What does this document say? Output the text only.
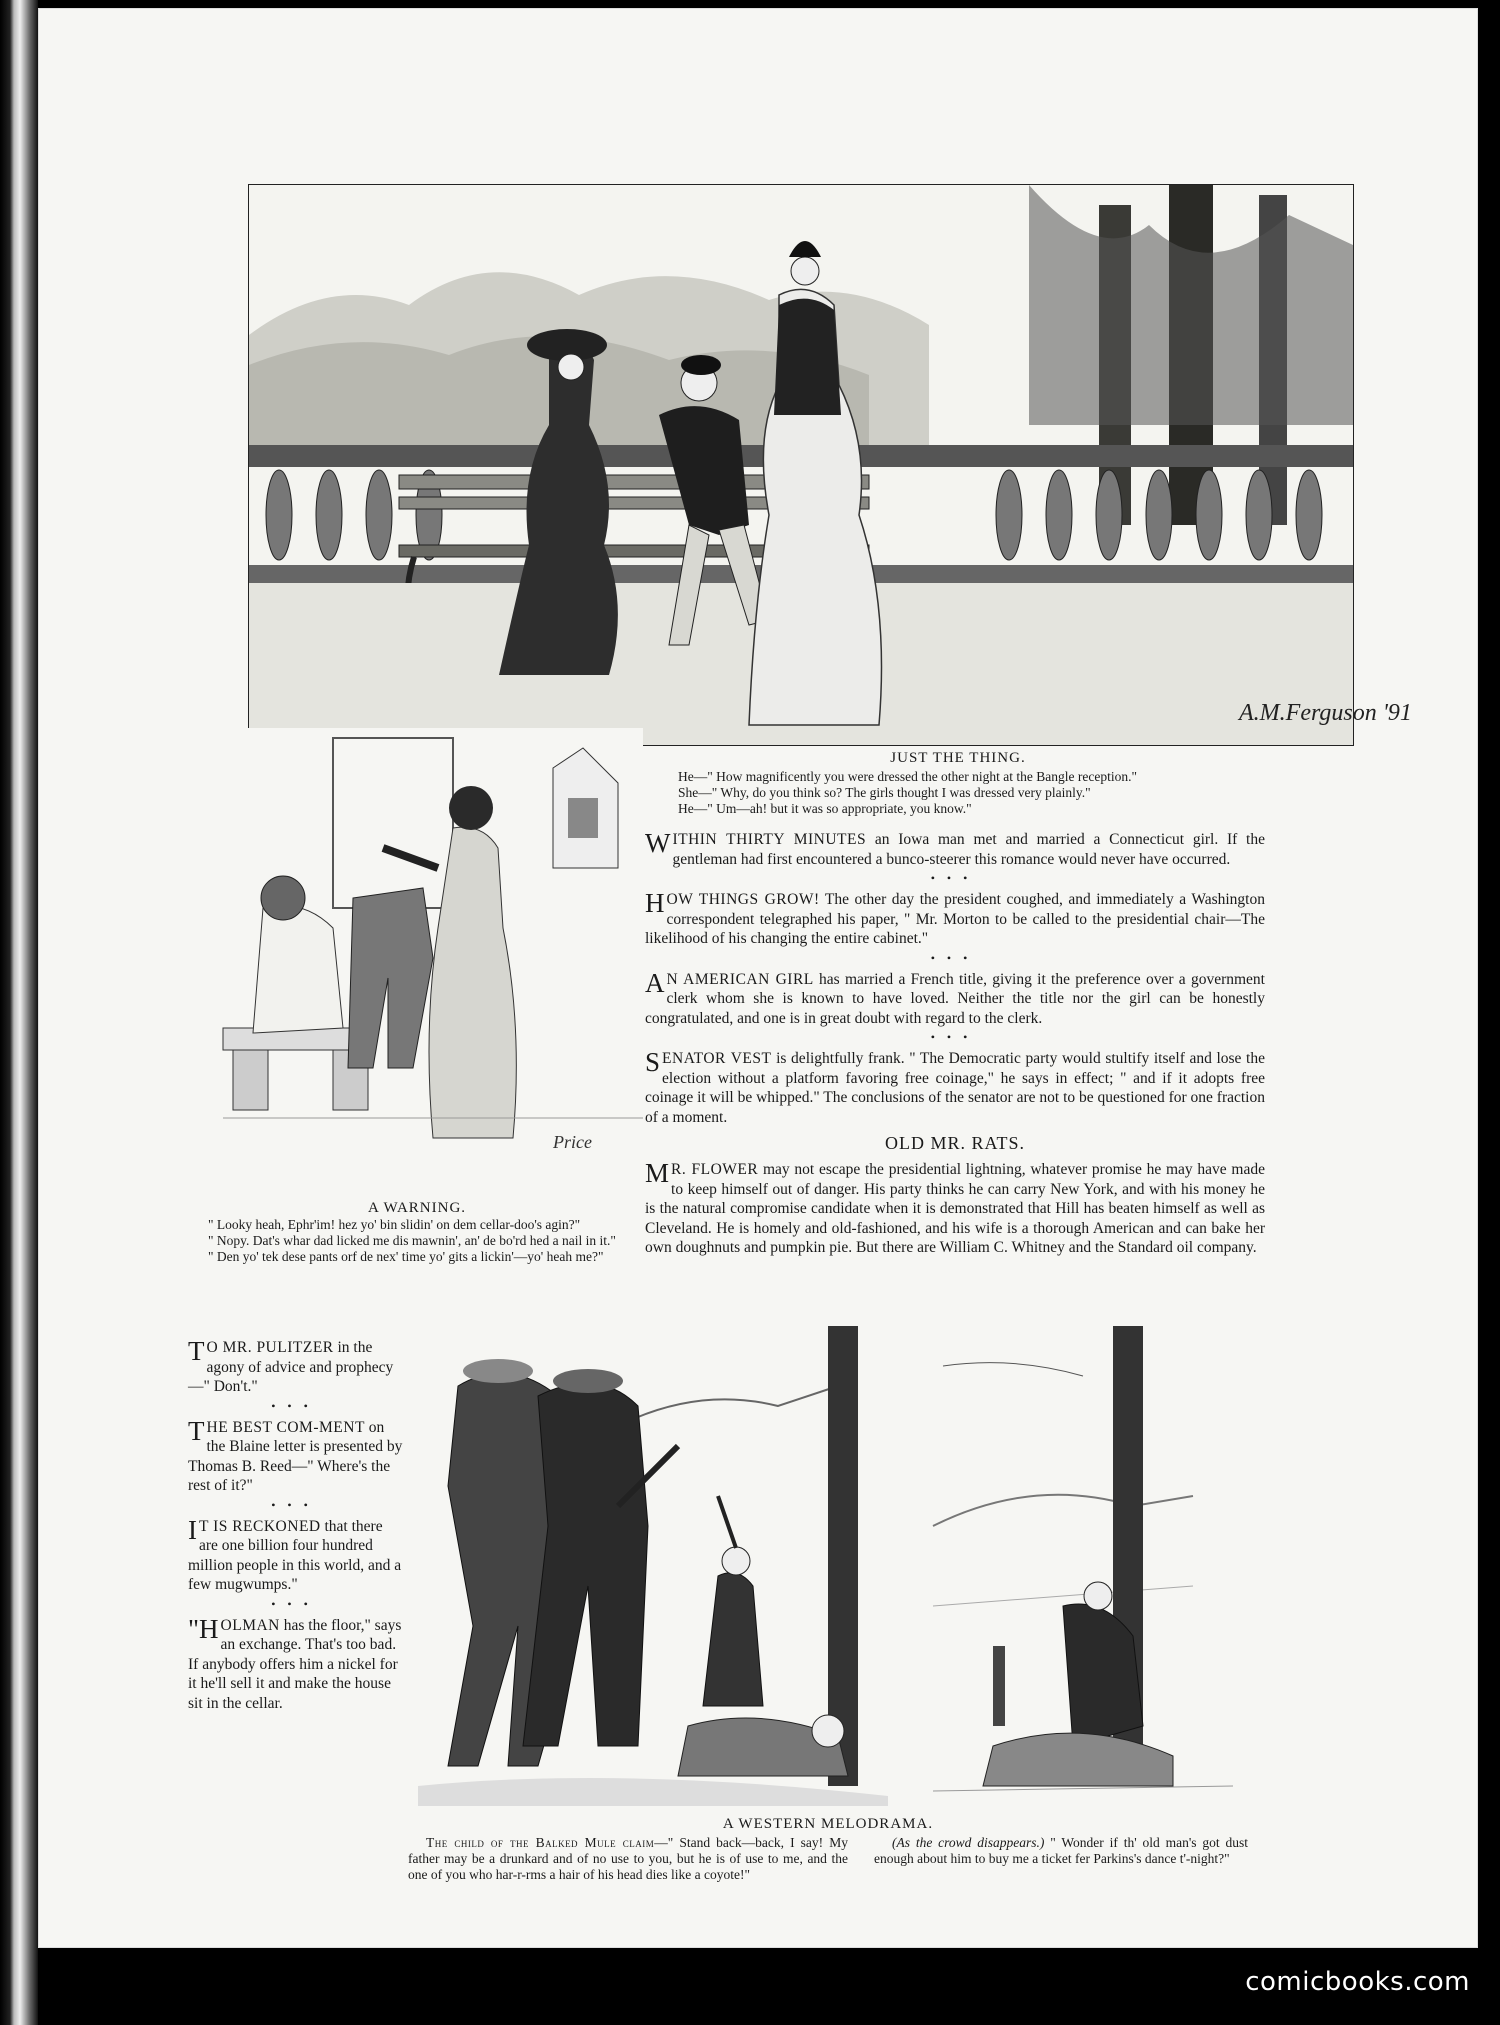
A.M.Ferguson '91

JUST THE THING.

He—" How magnificently you were dressed the other night at the Bangle reception."
She—" Why, do you think so? The girls thought I was dressed very plainly."
He—" Um—ah! but it was so appropriate, you know."
Price

A WARNING.

" Looky heah, Ephr'im! hez yo' bin slidin' on dem cellar-doo's agin?"
" Nopy. Dat's whar dad licked me dis mawnin', an' de bo'rd hed a nail in it."
" Den yo' tek dese pants orf de nex' time yo' gits a lickin'—yo' heah me?"
WITHIN THIRTY MINUTES an Iowa man met and married a Connecticut girl. If the gentleman had first encountered a bunco-steerer this romance would never have occurred.
•••
HOW THINGS GROW! The other day the president coughed, and immediately a Washington correspondent telegraphed his paper, " Mr. Morton to be called to the presidential chair—The likelihood of his changing the entire cabinet."
•••
A N AMERICAN GIRL has married a French title, giving it the preference over a government clerk whom she is known to have loved. Neither the title nor the girl can be honestly congratulated, and one is in great doubt with regard to the clerk.
•••
SENATOR VEST is delightfully frank. " The Democratic party would stultify itself and lose the election without a platform favoring free coinage," he says in effect; " and if it adopts free coinage it will be whipped." The conclusions of the senator are not to be questioned for one fraction of a moment.

OLD MR. RATS.

M R. FLOWER may not escape the presidential lightning, whatever promise he may have made to keep himself out of danger. His party thinks he can carry New York, and with his money he is the natural compromise candidate when it is demonstrated that Hill has beaten himself as well as Cleveland. He is homely and old-fashioned, and his wife is a thorough American and can bake her own doughnuts and pumpkin pie. But there are William C. Whitney and the Standard oil company.
T O MR. PULITZER in the agony of advice and prophecy—" Don't."
•••
THE BEST COM-MENT on the Blaine letter is presented by Thomas B. Reed—" Where's the rest of it?"
•••
I T IS RECKONED that there are one billion four hundred million people in this world, and a few mugwumps."
•••
"HOLMAN has the floor," says an exchange. That's too bad. If anybody offers him a nickel for it he'll sell it and make the house sit in the cellar.

A WESTERN MELODRAMA.

The child of the Balked Mule claim—" Stand back—back, I say! My father may be a drunkard and of no use to you, but he is of use to me, and the one of you who har-r-rms a hair of his head dies like a coyote!"
(As the crowd disappears.) " Wonder if th' old man's got dust enough about him to buy me a ticket fer Parkins's dance t'-night?"
comicbooks.com
